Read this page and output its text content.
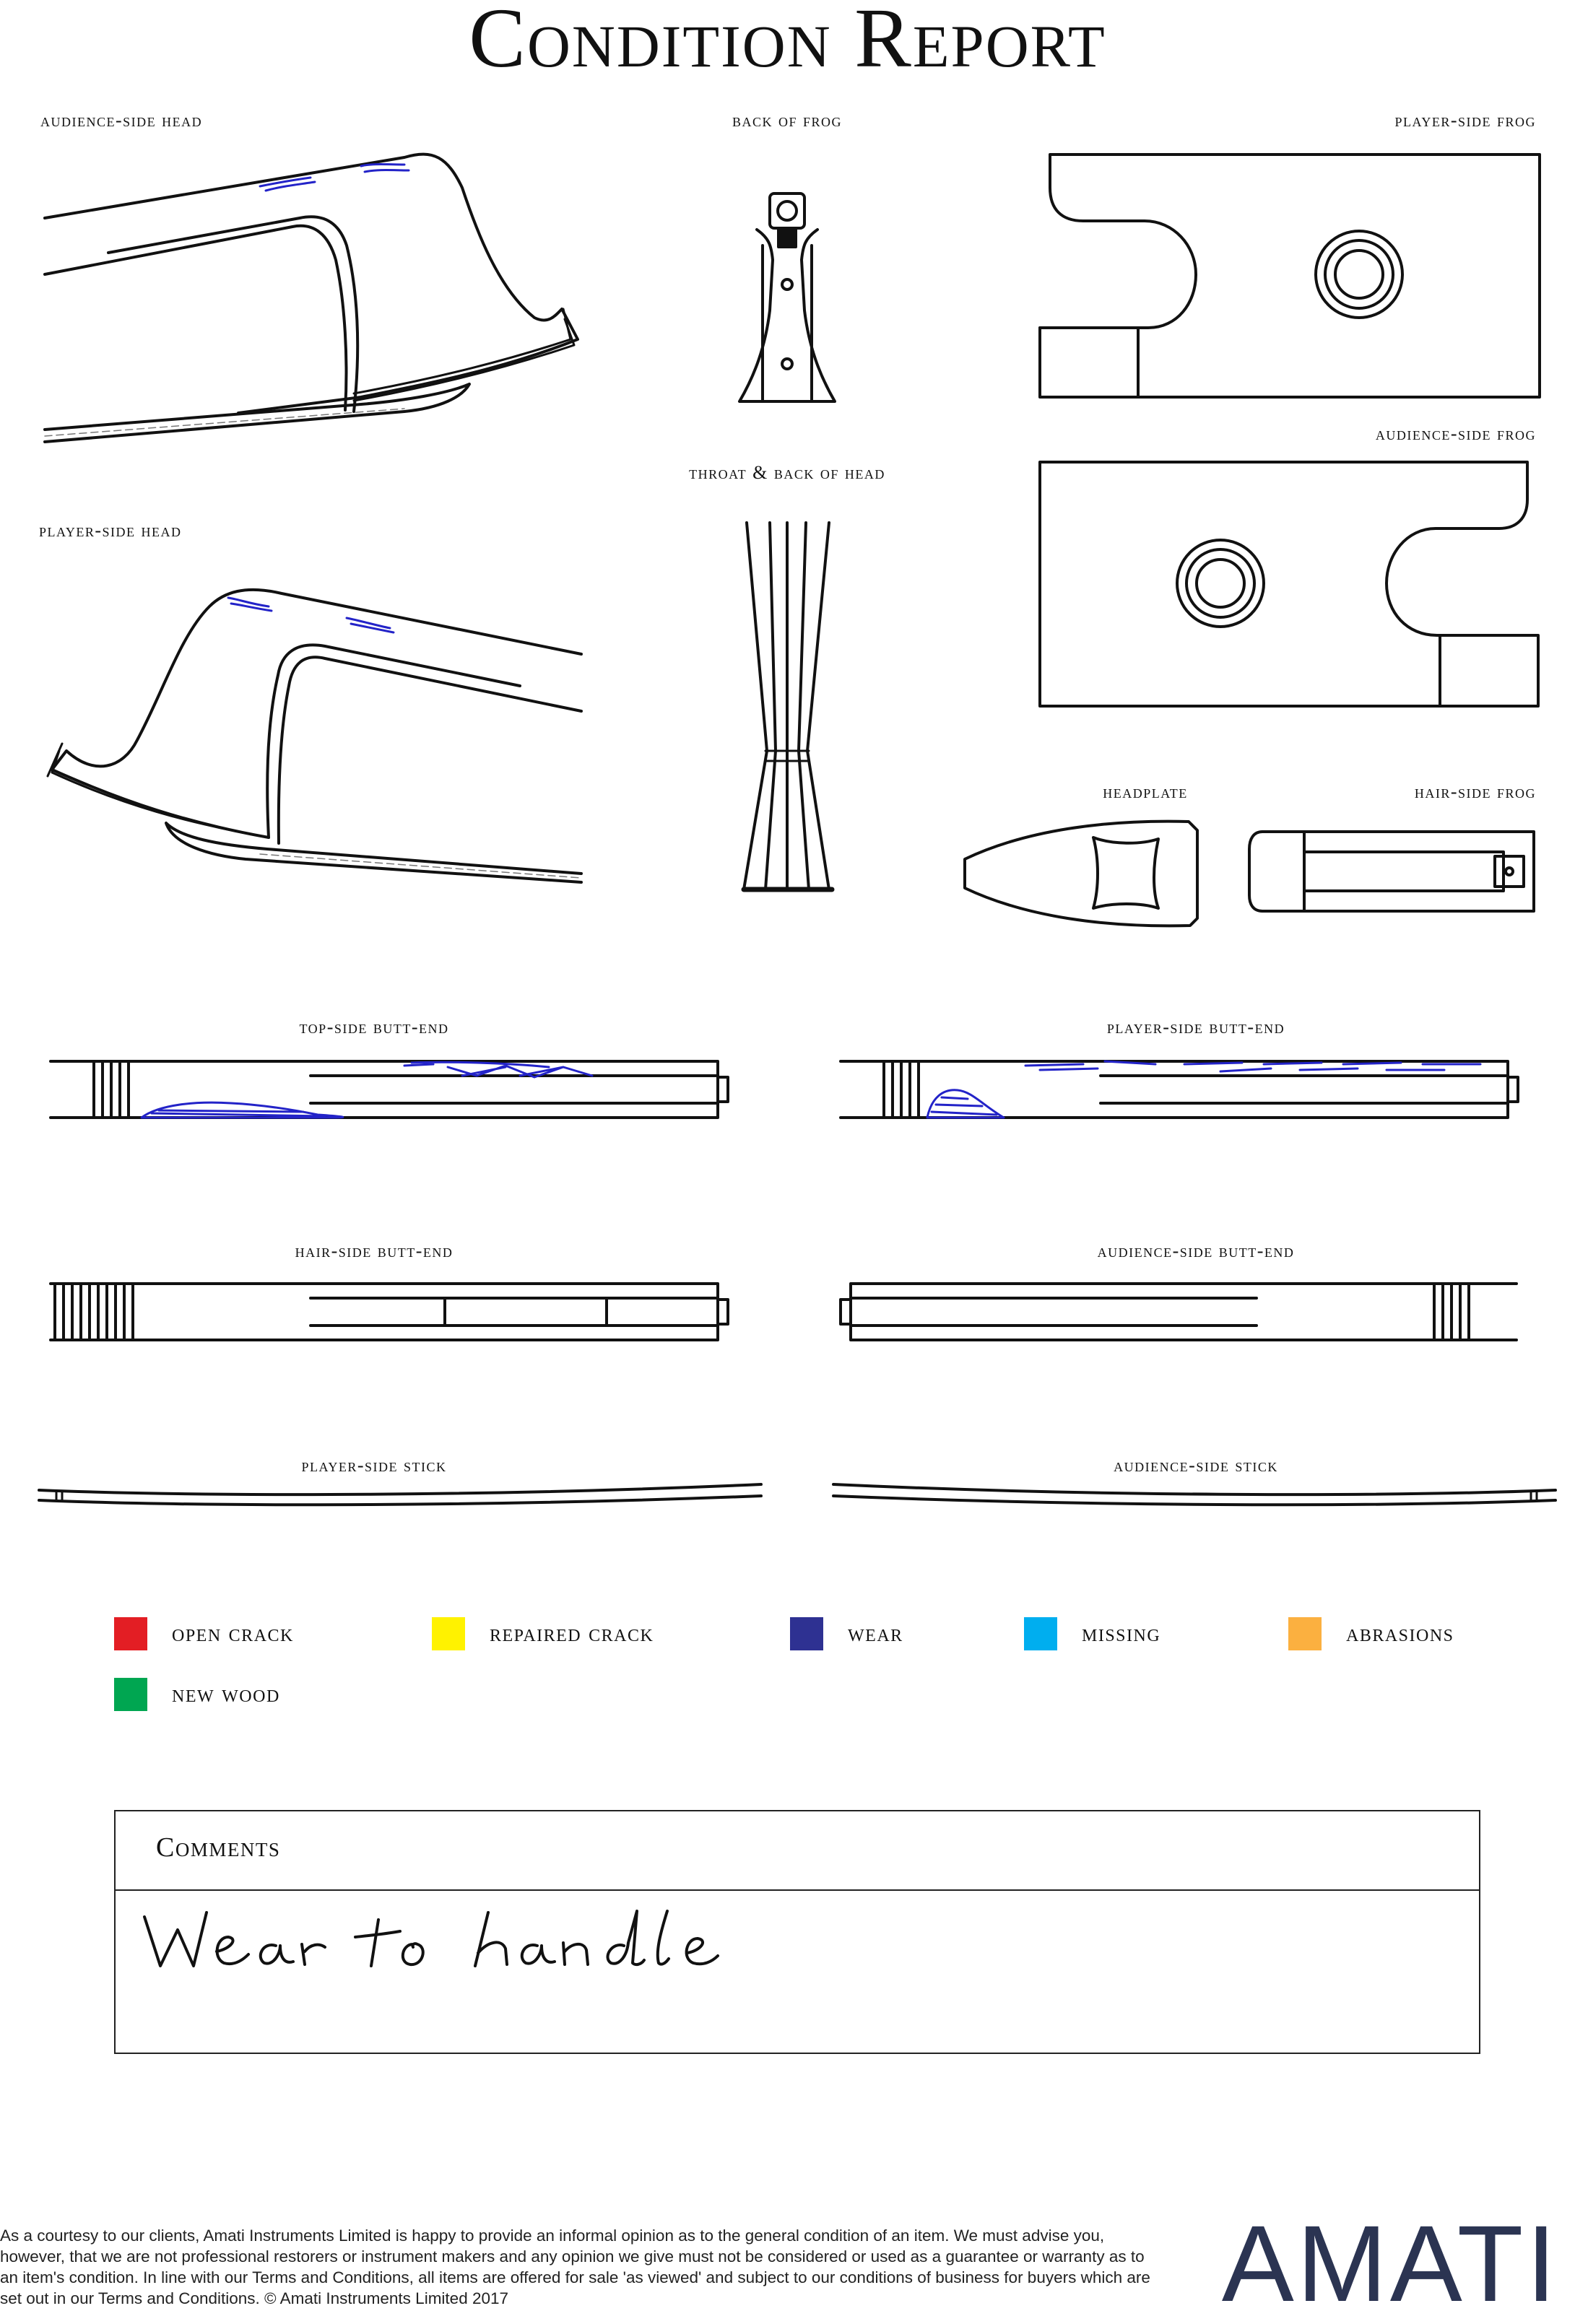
Condition Report
audience-side head	back of frog	player-side frog
throat & back of head
audience-side frog
player-side head
headplate	hair-side frog
top-side butt-end	player-side butt-end
hair-side butt-end	audience-side butt-end
player-side stick	audience-side stick
open crack	repaired crack	wear	missing	abrasions
new wood
Comments
As a courtesy to our clients, Amati Instruments Limited is happy to provide an informal opinion as to the general condition of an item. We must advise you, however, that we are not professional restorers or instrument makers and any opinion we give must not be considered or used as a guarantee or warranty as to an item's condition. In line with our Terms and Conditions, all items are offered for sale 'as viewed' and subject to our conditions of business for buyers which are set out in our Terms and Conditions. © Amati Instruments Limited 2017	AMATI
